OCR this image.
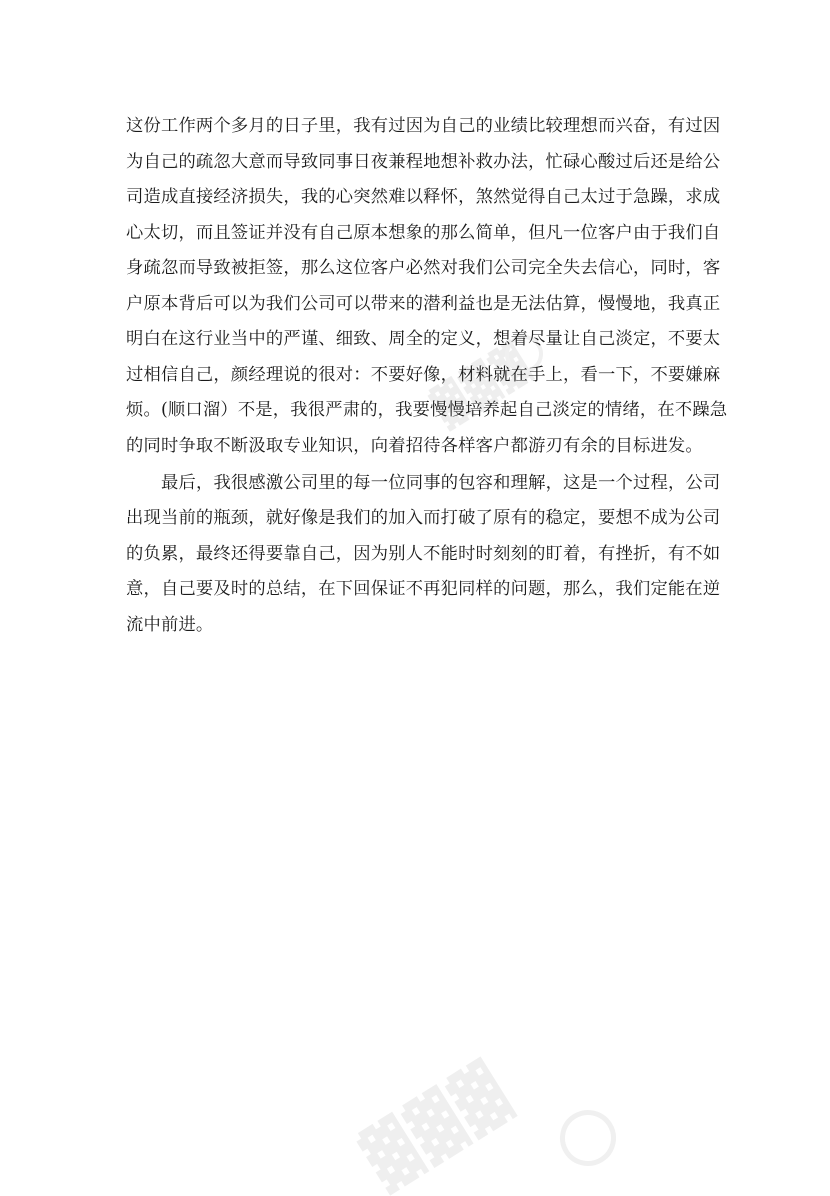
▓▓▓
▓▓▓
这份工作两个多月的日子里，我有过因为自己的业绩比较理想而兴奋，有过因
为自己的疏忽大意而导致同事日夜兼程地想补救办法，忙碌心酸过后还是给公
司造成直接经济损失，我的心突然难以释怀，煞然觉得自己太过于急躁，求成
心太切，而且签证并没有自己原本想象的那么简单，但凡一位客户由于我们自
身疏忽而导致被拒签，那么这位客户必然对我们公司完全失去信心，同时，客
户原本背后可以为我们公司可以带来的潜利益也是无法估算，慢慢地，我真正
明白在这行业当中的严谨、细致、周全的定义，想着尽量让自己淡定，不要太
过相信自己，颜经理说的很对：不要好像，材料就在手上，看一下，不要嫌麻
烦。(顺口溜）不是，我很严肃的，我要慢慢培养起自己淡定的情绪，在不躁急
的同时争取不断汲取专业知识，向着招待各样客户都游刃有余的目标进发。
最后，我很感激公司里的每一位同事的包容和理解，这是一个过程，公司
出现当前的瓶颈，就好像是我们的加入而打破了原有的稳定，要想不成为公司
的负累，最终还得要靠自己，因为别人不能时时刻刻的盯着，有挫折，有不如
意，自己要及时的总结，在下回保证不再犯同样的问题，那么，我们定能在逆
流中前进。
